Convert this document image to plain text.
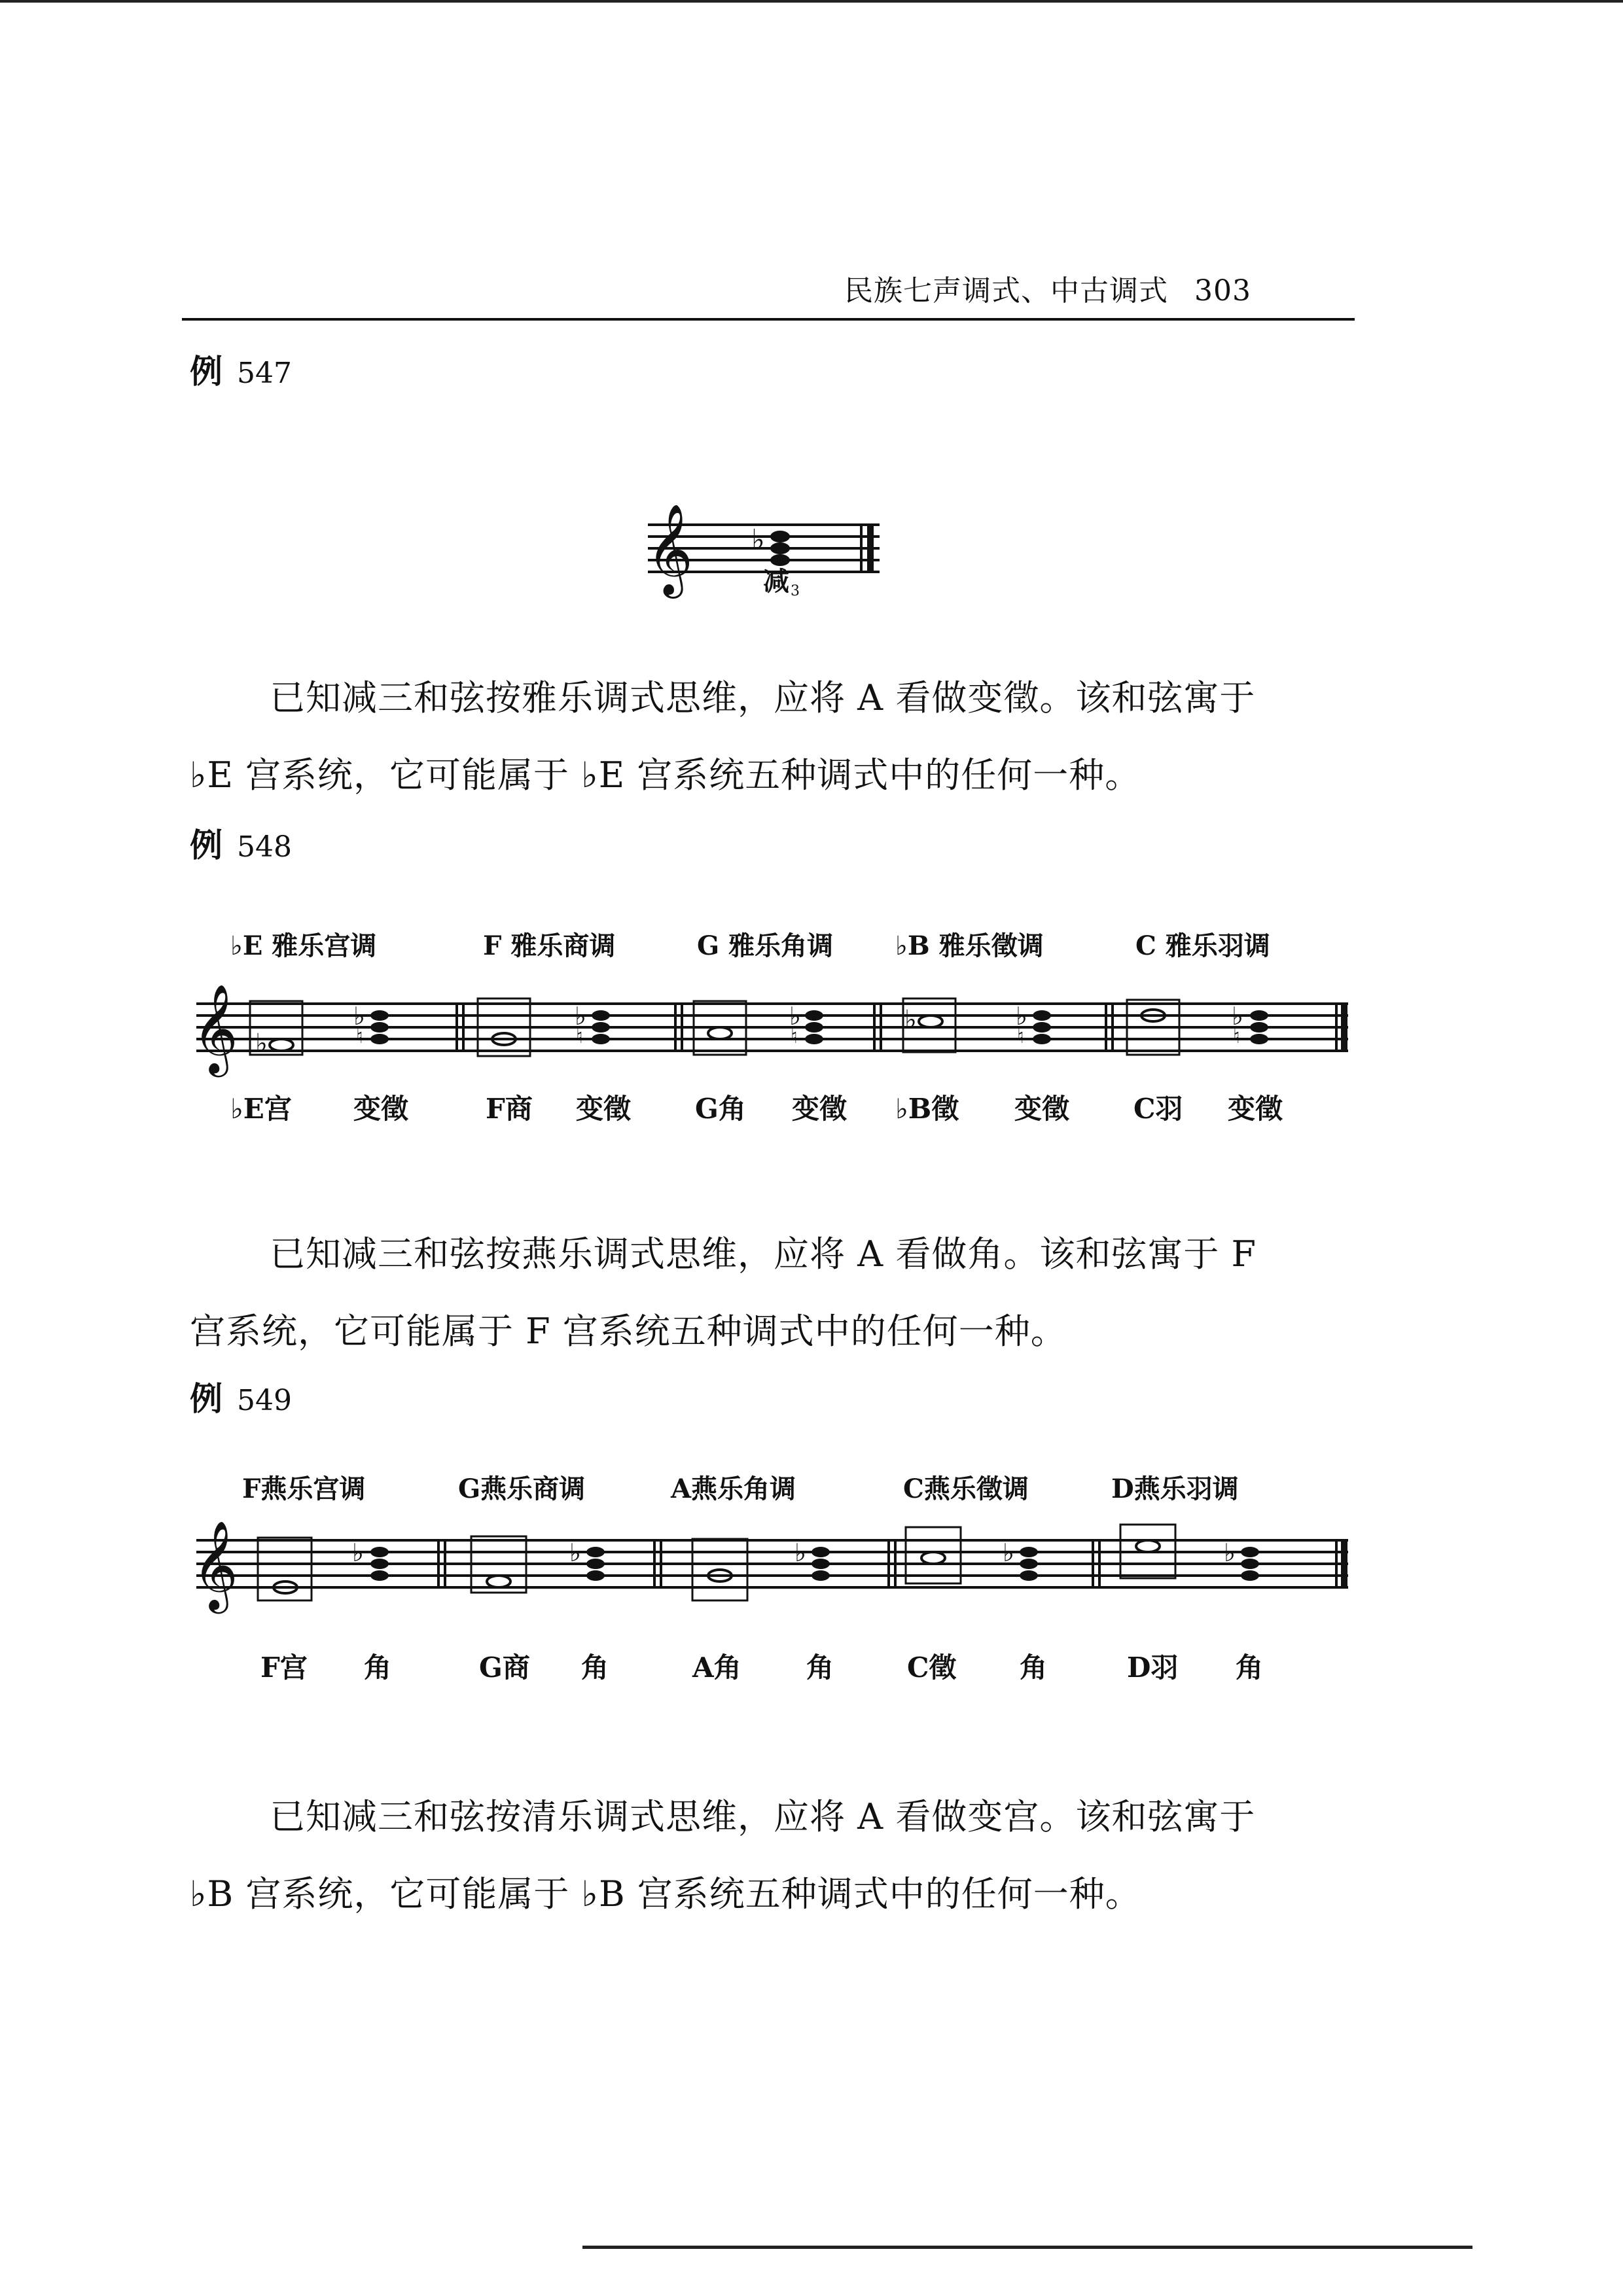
民族七声调式、中古调式 303
例 547
𝄞 ♭
减 3

已知减三和弦按雅乐调式思维，应将 A 看做变徵。该和弦寓于

♭E 宫系统，它可能属于 ♭E 宫系统五种调式中的任何一种。

例 548
♭E 雅乐宫调	F 雅乐商调	G 雅乐角调 ♭B 雅乐徵调	C 雅乐羽调
𝄞 ♭
♭
♭
♮
♭
♮
♭
♮
♭
♮
♭
♮
♭E宫 变徵	F商 变徵 G角 变徵 ♭B徵 变徵 C羽 变徵

已知减三和弦按燕乐调式思维，应将 A 看做角。该和弦寓于 F

宫系统，它可能属于 F 宫系统五种调式中的任何一种。

例 549
F燕乐宫调	G燕乐商调	A燕乐角调	C燕乐徵调	D燕乐羽调
𝄞	♭	♭	♭	♭	♭
F宫 角	G商 角	A角 角	C徵 角	D羽 角

已知减三和弦按清乐调式思维，应将 A 看做变宫。该和弦寓于

♭B 宫系统，它可能属于 ♭B 宫系统五种调式中的任何一种。
